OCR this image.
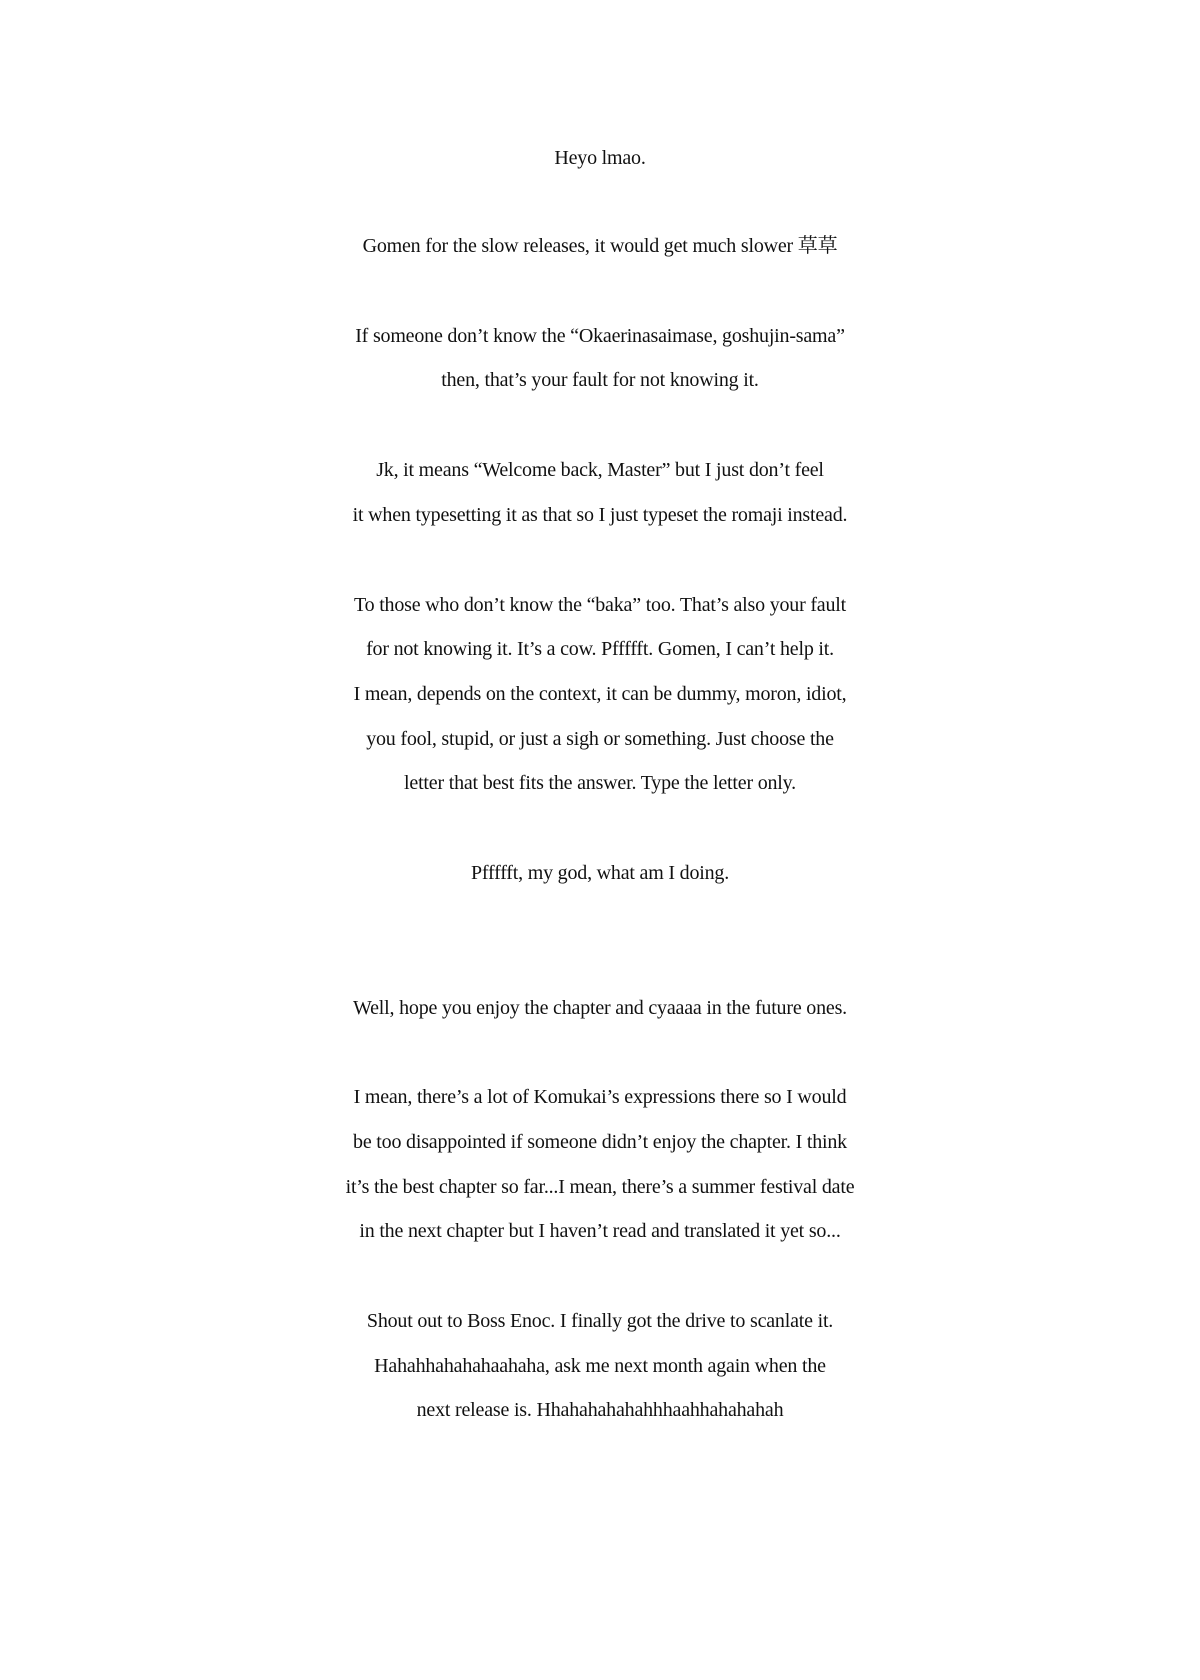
Heyo lmao.
Gomen for the slow releases, it would get much slower 草草
If someone don’t know the “Okaerinasaimase, goshujin-sama”
then, that’s your fault for not knowing it.
Jk, it means “Welcome back, Master” but I just don’t feel
it when typesetting it as that so I just typeset the romaji instead.
To those who don’t know the “baka” too. That’s also your fault
for not knowing it. It’s a cow. Pffffft. Gomen, I can’t help it.
I mean, depends on the context, it can be dummy, moron, idiot,
you fool, stupid, or just a sigh or something. Just choose the
letter that best fits the answer. Type the letter only.
Pffffft, my god, what am I doing.
Well, hope you enjoy the chapter and cyaaaa in the future ones.
I mean, there’s a lot of Komukai’s expressions there so I would
be too disappointed if someone didn’t enjoy the chapter. I think
it’s the best chapter so far...I mean, there’s a summer festival date
in the next chapter but I haven’t read and translated it yet so...
Shout out to Boss Enoc. I finally got the drive to scanlate it.
Hahahhahahahaahaha, ask me next month again when the
next release is. Hhahahahahahhhaahhahahahah
